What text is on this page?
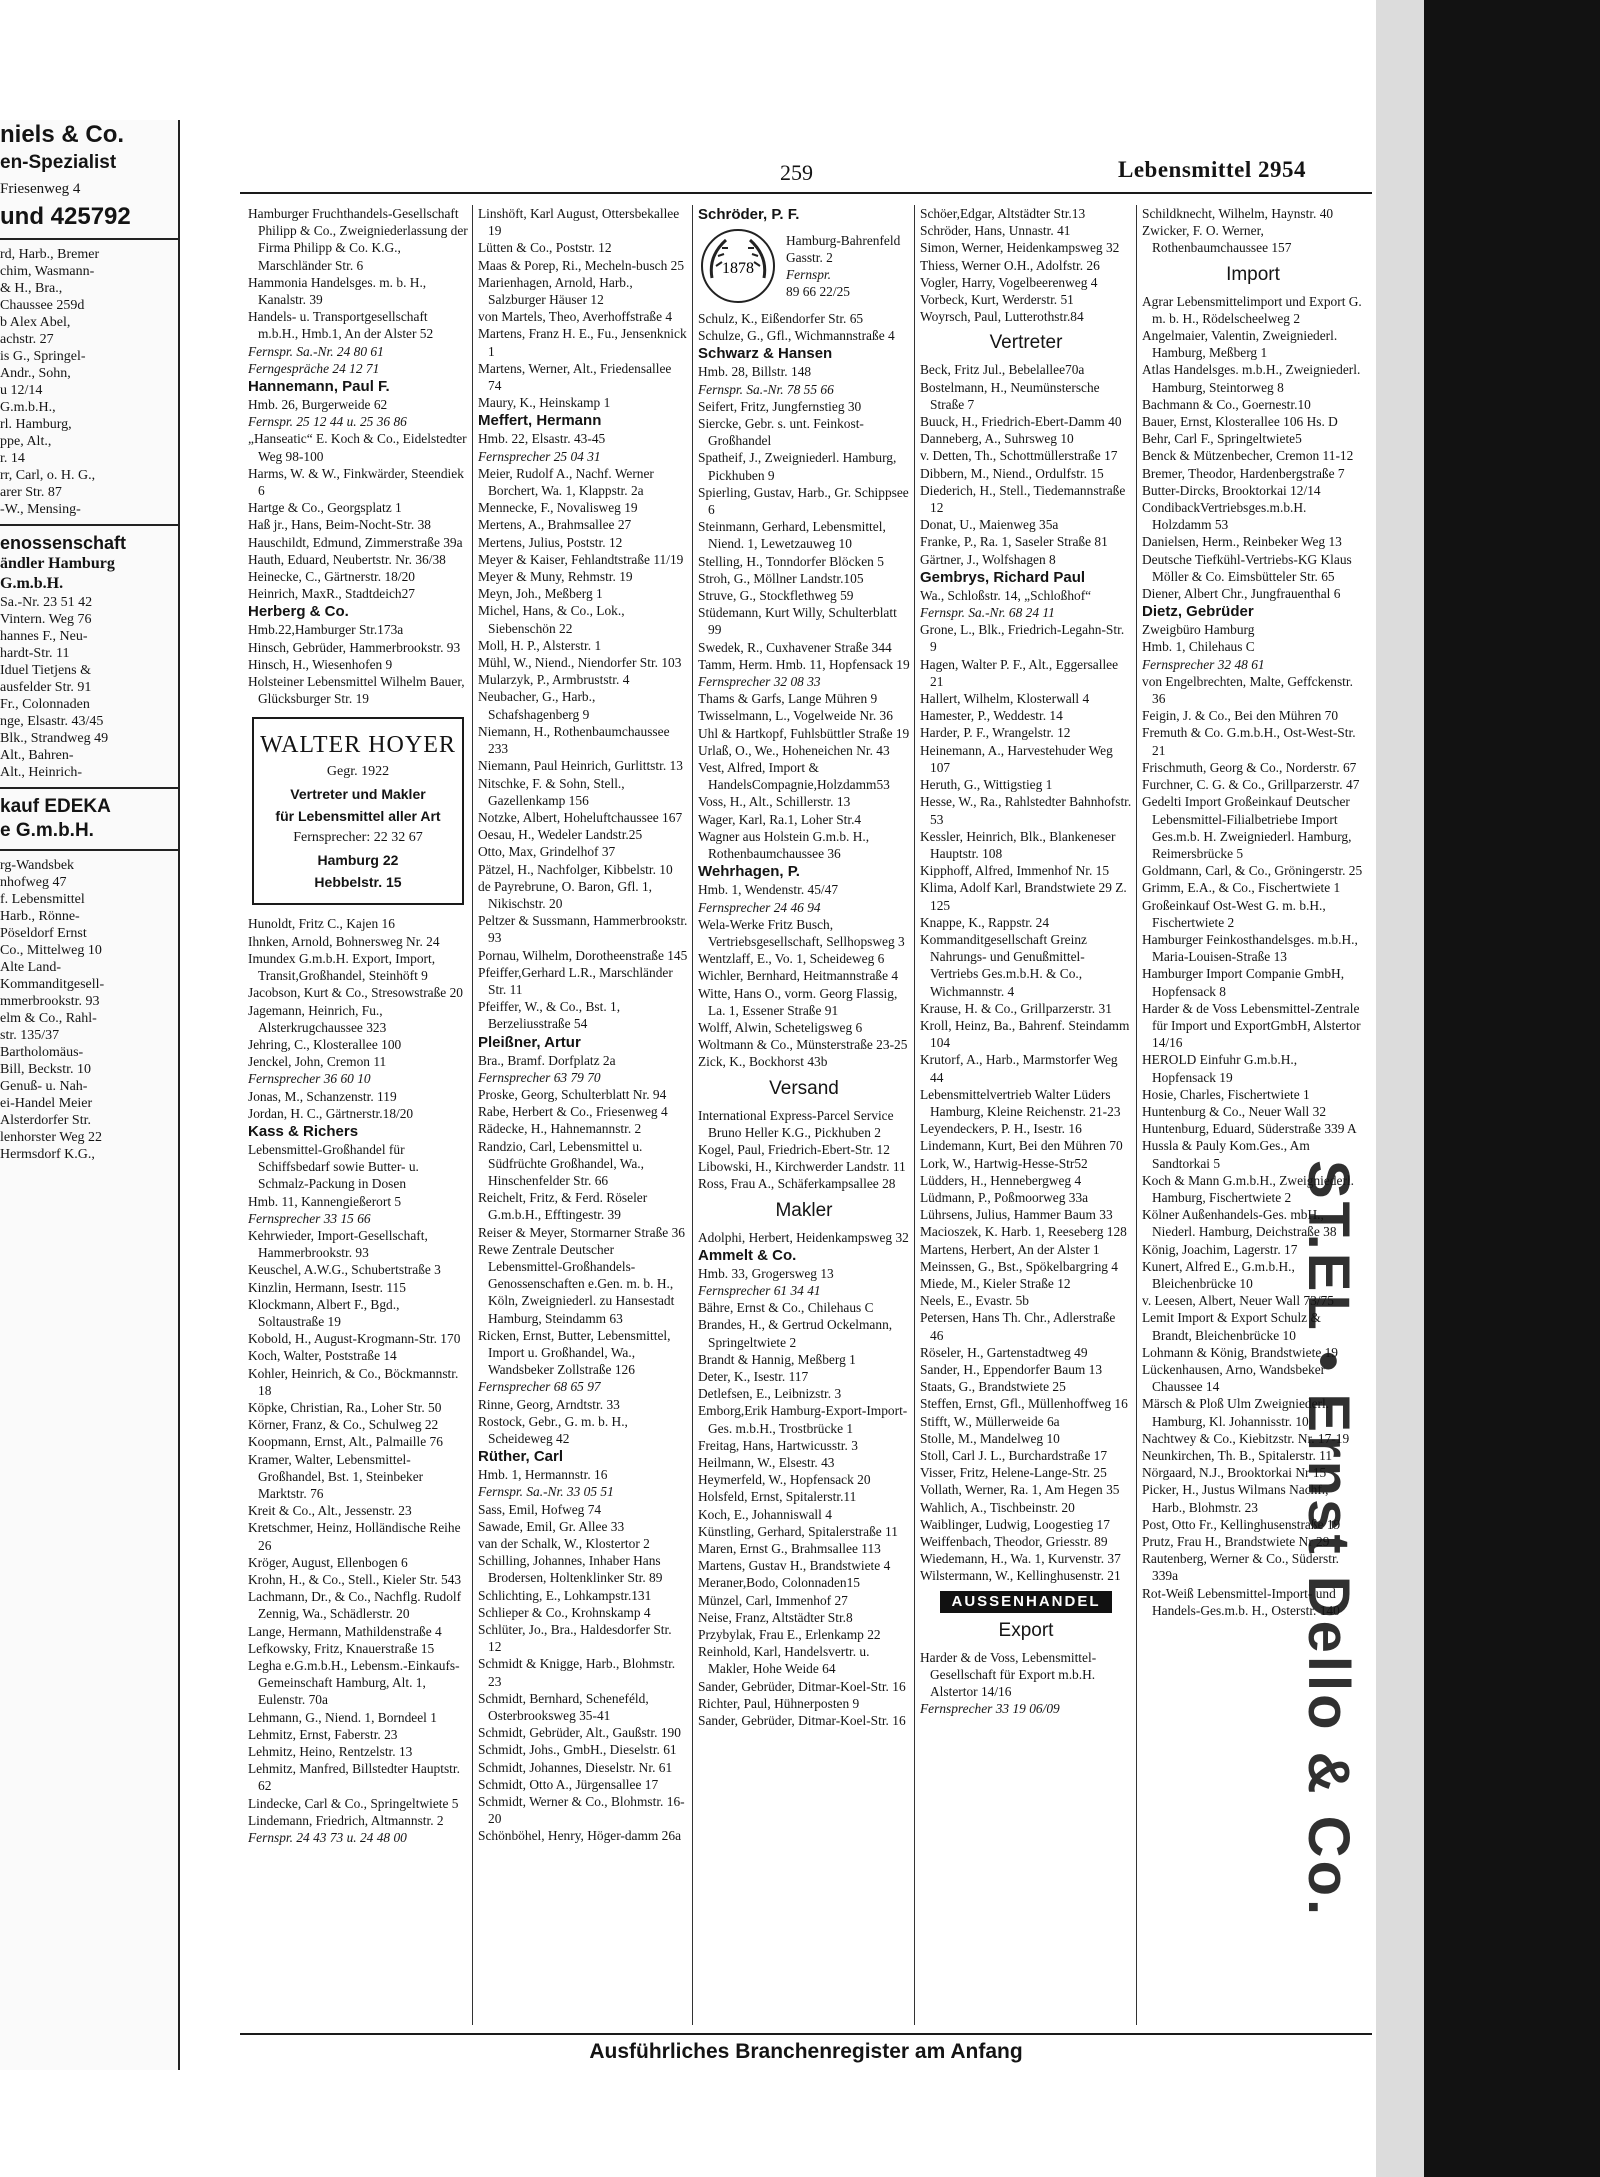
niels & Co.
en-Spezialist
Friesenweg 4
und 425792
rd, Harb., Bremer
chim, Wasmann-
& H., Bra.,
Chaussee 259d
b Alex Abel,
achstr. 27
is G., Springel-
Andr., Sohn,
u 12/14
G.m.b.H.,
rl. Hamburg,
ppe, Alt.,
r. 14
rr, Carl, o. H. G.,
arer Str. 87
-W., Mensing-
enossenschaft
ändler Hamburg
G.m.b.H.
Sa.-Nr. 23 51 42
Vintern. Weg 76
hannes F., Neu-
hardt-Str. 11
Iduel Tietjens &
ausfelder Str. 91
Fr., Colonnaden
nge, Elsastr. 43/45
Blk., Strandweg 49
Alt., Bahren-
Alt., Heinrich-
kauf EDEKA
e G.m.b.H.
rg-Wandsbek
nhofweg 47
f. Lebensmittel
Harb., Rönne-
Pöseldorf Ernst
Co., Mittelweg 10
Alte Land-
Kommanditgesell-
mmerbrookstr. 93
elm & Co., Rahl-
str. 135/37
Bartholomäus-
Bill, Beckstr. 10
Genuß- u. Nah-
ei-Handel Meier
Alsterdorfer Str.
lenhorster Weg 22
Hermsdorf K.G.,
ST.EL • Ernst Dello & Co.
259	Lebensmittel 2954
Hamburger Fruchthandels-Gesellschaft Philipp & Co., Zweigniederlassung der Firma Philipp & Co. K.G., Marschländer Str. 6
Hammonia Handelsges. m. b. H., Kanalstr. 39
Handels- u. Transportgesellschaft m.b.H., Hmb.1, An der Alster 52
Fernspr. Sa.-Nr. 24 80 61
Ferngespräche 24 12 71
Hannemann, Paul F.
Hmb. 26, Burgerweide 62
Fernspr. 25 12 44 u. 25 36 86
„Hanseatic“ E. Koch & Co., Eidelstedter Weg 98-100
Harms, W. & W., Finkwärder, Steendiek 6
Hartge & Co., Georgsplatz 1
Haß jr., Hans, Beim-Nocht-Str. 38
Hauschildt, Edmund, Zimmerstraße 39a
Hauth, Eduard, Neubertstr. Nr. 36/38
Heinecke, C., Gärtnerstr. 18/20
Heinrich, MaxR., Stadtdeich27
Herberg & Co.
Hmb.22,Hamburger Str.173a
Hinsch, Gebrüder, Hammerbrookstr. 93
Hinsch, H., Wiesenhofen 9
Holsteiner Lebensmittel Wilhelm Bauer, Glücksburger Str. 19
WALTER HOYER
Gegr. 1922
Vertreter und Makler
für Lebensmittel aller Art
Fernsprecher: 22 32 67
Hamburg 22
Hebbelstr. 15
Hunoldt, Fritz C., Kajen 16
Ihnken, Arnold, Bohnersweg Nr. 24
Imundex G.m.b.H. Export, Import, Transit,Großhandel, Steinhöft 9
Jacobson, Kurt & Co., Stresowstraße 20
Jagemann, Heinrich, Fu., Alsterkrugchaussee 323
Jehring, C., Klosterallee 100
Jenckel, John, Cremon 11
Fernsprecher 36 60 10
Jonas, M., Schanzenstr. 119
Jordan, H. C., Gärtnerstr.18/20
Kass & Richers
Lebensmittel-Großhandel für Schiffsbedarf sowie Butter- u. Schmalz-Packung in Dosen
Hmb. 11, Kannengießerort 5
Fernsprecher 33 15 66
Kehrwieder, Import-Gesellschaft, Hammerbrookstr. 93
Keuschel, A.W.G., Schubertstraße 3
Kinzlin, Hermann, Isestr. 115
Klockmann, Albert F., Bgd., Soltaustraße 19
Kobold, H., August-Krogmann-Str. 170
Koch, Walter, Poststraße 14
Kohler, Heinrich, & Co., Böckmannstr. 18
Köpke, Christian, Ra., Loher Str. 50
Körner, Franz, & Co., Schulweg 22
Koopmann, Ernst, Alt., Palmaille 76
Kramer, Walter, Lebensmittel-Großhandel, Bst. 1, Steinbeker Marktstr. 76
Kreit & Co., Alt., Jessenstr. 23
Kretschmer, Heinz, Holländische Reihe 26
Kröger, August, Ellenbogen 6
Krohn, H., & Co., Stell., Kieler Str. 543
Lachmann, Dr., & Co., Nachflg. Rudolf Zennig, Wa., Schädlerstr. 20
Lange, Hermann, Mathildenstraße 4
Lefkowsky, Fritz, Knauerstraße 15
Legha e.G.m.b.H., Lebensm.-Einkaufs-Gemeinschaft Hamburg, Alt. 1, Eulenstr. 70a
Lehmann, G., Niend. 1, Borndeel 1
Lehmitz, Ernst, Faberstr. 23
Lehmitz, Heino, Rentzelstr. 13
Lehmitz, Manfred, Billstedter Hauptstr. 62
Lindecke, Carl & Co., Springeltwiete 5
Lindemann, Friedrich, Altmannstr. 2
Fernspr. 24 43 73 u. 24 48 00
Linshöft, Karl August, Ottersbekallee 19
Lütten & Co., Poststr. 12
Maas & Porep, Ri., Mecheln-busch 25
Marienhagen, Arnold, Harb., Salzburger Häuser 12
von Martels, Theo, Averhoffstraße 4
Martens, Franz H. E., Fu., Jensenknick 1
Martens, Werner, Alt., Friedensallee 74
Maury, K., Heinskamp 1
Meffert, Hermann
Hmb. 22, Elsastr. 43-45
Fernsprecher 25 04 31
Meier, Rudolf A., Nachf. Werner Borchert, Wa. 1, Klappstr. 2a
Mennecke, F., Novalisweg 19
Mertens, A., Brahmsallee 27
Mertens, Julius, Poststr. 12
Meyer & Kaiser, Fehlandtstraße 11/19
Meyer & Muny, Rehmstr. 19
Meyn, Joh., Meßberg 1
Michel, Hans, & Co., Lok., Siebenschön 22
Moll, H. P., Alsterstr. 1
Mühl, W., Niend., Niendorfer Str. 103
Mularzyk, P., Armbruststr. 4
Neubacher, G., Harb., Schafshagenberg 9
Niemann, H., Rothenbaumchaussee 233
Niemann, Paul Heinrich, Gurlittstr. 13
Nitschke, F. & Sohn, Stell., Gazellenkamp 156
Notzke, Albert, Hoheluftchaussee 167
Oesau, H., Wedeler Landstr.25
Otto, Max, Grindelhof 37
Pätzel, H., Nachfolger, Kibbelstr. 10
de Payrebrune, O. Baron, Gfl. 1, Nikischstr. 20
Peltzer & Sussmann, Hammerbrookstr. 93
Pornau, Wilhelm, Dorotheenstraße 145
Pfeiffer,Gerhard L.R., Marschländer Str. 11
Pfeiffer, W., & Co., Bst. 1, Berzeliusstraße 54
Pleißner, Artur
Bra., Bramf. Dorfplatz 2a
Fernsprecher 63 79 70
Proske, Georg, Schulterblatt Nr. 94
Rabe, Herbert & Co., Friesenweg 4
Rädecke, H., Hahnemannstr. 2
Randzio, Carl, Lebensmittel u. Südfrüchte Großhandel, Wa., Hinschenfelder Str. 66
Reichelt, Fritz, & Ferd. Röseler G.m.b.H., Efftingestr. 39
Reiser & Meyer, Stormarner Straße 36
Rewe Zentrale Deutscher Lebensmittel-Großhandels-Genossenschaften e.Gen. m. b. H., Köln, Zweigniederl. zu Hansestadt Hamburg, Steindamm 63
Ricken, Ernst, Butter, Lebensmittel, Import u. Großhandel, Wa., Wandsbeker Zollstraße 126
Fernsprecher 68 65 97
Rinne, Georg, Arndtstr. 33
Rostock, Gebr., G. m. b. H., Scheideweg 42
Rüther, Carl
Hmb. 1, Hermannstr. 16
Fernspr. Sa.-Nr. 33 05 51
Sass, Emil, Hofweg 74
Sawade, Emil, Gr. Allee 33
van der Schalk, W., Klostertor 2
Schilling, Johannes, Inhaber Hans Brodersen, Holtenklinker Str. 89
Schlichting, E., Lohkampstr.131
Schlieper & Co., Krohnskamp 4
Schlüter, Jo., Bra., Haldesdorfer Str. 12
Schmidt & Knigge, Harb., Blohmstr. 23
Schmidt, Bernhard, Scheneféld, Osterbrooksweg 35-41
Schmidt, Gebrüder, Alt., Gaußstr. 190
Schmidt, Johs., GmbH., Dieselstr. 61
Schmidt, Johannes, Dieselstr. Nr. 61
Schmidt, Otto A., Jürgensallee 17
Schmidt, Werner & Co., Blohmstr. 16-20
Schönböhel, Henry, Höger-damm 26a
Schröder, P. F.
1878
Hamburg-Bahrenfeld
Gasstr. 2
Fernspr.
89 66 22/25
Schulz, K., Eißendorfer Str. 65
Schulze, G., Gfl., Wichmannstraße 4
Schwarz & Hansen
Hmb. 28, Billstr. 148
Fernspr. Sa.-Nr. 78 55 66
Seifert, Fritz, Jungfernstieg 30
Siercke, Gebr. s. unt. Feinkost-Großhandel
Spatheif, J., Zweigniederl. Hamburg, Pickhuben 9
Spierling, Gustav, Harb., Gr. Schippsee 6
Steinmann, Gerhard, Lebensmittel, Niend. 1, Lewetzauweg 10
Stelling, H., Tonndorfer Blöcken 5
Stroh, G., Möllner Landstr.105
Struve, G., Stockflethweg 59
Stüdemann, Kurt Willy, Schulterblatt 99
Swedek, R., Cuxhavener Straße 344
Tamm, Herm. Hmb. 11, Hopfensack 19
Fernsprecher 32 08 33
Thams & Garfs, Lange Mühren 9
Twisselmann, L., Vogelweide Nr. 36
Uhl & Hartkopf, Fuhlsbüttler Straße 19
Urlaß, O., We., Hoheneichen Nr. 43
Vest, Alfred, Import & HandelsCompagnie,Holzdamm53
Voss, H., Alt., Schillerstr. 13
Wager, Karl, Ra.1, Loher Str.4
Wagner aus Holstein G.m.b. H., Rothenbaumchaussee 36
Wehrhagen, P.
Hmb. 1, Wendenstr. 45/47
Fernsprecher 24 46 94
Wela-Werke Fritz Busch, Vertriebsgesellschaft, Sellhopsweg 3
Wentzlaff, E., Vo. 1, Scheideweg 6
Wichler, Bernhard, Heitmannstraße 4
Witte, Hans O., vorm. Georg Flassig, La. 1, Essener Straße 91
Wolff, Alwin, Scheteligsweg 6
Woltmann & Co., Münsterstraße 23-25
Zick, K., Bockhorst 43b
Versand
International Express-Parcel Service Bruno Heller K.G., Pickhuben 2
Kogel, Paul, Friedrich-Ebert-Str. 12
Libowski, H., Kirchwerder Landstr. 11
Ross, Frau A., Schäferkampsallee 28
Makler
Adolphi, Herbert, Heidenkampsweg 32
Ammelt & Co.
Hmb. 33, Grogersweg 13
Fernsprecher 61 34 41
Bähre, Ernst & Co., Chilehaus C
Brandes, H., & Gertrud Ockelmann, Springeltwiete 2
Brandt & Hannig, Meßberg 1
Deter, K., Isestr. 117
Detlefsen, E., Leibnizstr. 3
Emborg,Erik Hamburg-Export-Import-Ges. m.b.H., Trostbrücke 1
Freitag, Hans, Hartwicusstr. 3
Heilmann, W., Elsestr. 43
Heymerfeld, W., Hopfensack 20
Holsfeld, Ernst, Spitalerstr.11
Koch, E., Johanniswall 4
Künstling, Gerhard, Spitalerstraße 11
Maren, Ernst G., Brahmsallee 113
Martens, Gustav H., Brandstwiete 4
Meraner,Bodo, Colonnaden15
Münzel, Carl, Immenhof 27
Neise, Franz, Altstädter Str.8
Przybylak, Frau E., Erlenkamp 22
Reinhold, Karl, Handelsvertr. u. Makler, Hohe Weide 64
Sander, Gebrüder, Ditmar-Koel-Str. 16
Richter, Paul, Hühnerposten 9
Sander, Gebrüder, Ditmar-Koel-Str. 16
Schöer,Edgar, Altstädter Str.13
Schröder, Hans, Unnastr. 41
Simon, Werner, Heidenkampsweg 32
Thiess, Werner O.H., Adolfstr. 26
Vogler, Harry, Vogelbeerenweg 4
Vorbeck, Kurt, Werderstr. 51
Woyrsch, Paul, Lutterothstr.84
Vertreter
Beck, Fritz Jul., Bebelallee70a
Bostelmann, H., Neumünstersche Straße 7
Buuck, H., Friedrich-Ebert-Damm 40
Danneberg, A., Suhrsweg 10
v. Detten, Th., Schottmüllerstraße 17
Dibbern, M., Niend., Ordulfstr. 15
Diederich, H., Stell., Tiedemannstraße 12
Donat, U., Maienweg 35a
Franke, P., Ra. 1, Saseler Straße 81
Gärtner, J., Wolfshagen 8
Gembrys, Richard Paul
Wa., Schloßstr. 14, „Schloßhof“
Fernspr. Sa.-Nr. 68 24 11
Grone, L., Blk., Friedrich-Legahn-Str. 9
Hagen, Walter P. F., Alt., Eggersallee 21
Hallert, Wilhelm, Klosterwall 4
Hamester, P., Weddestr. 14
Harder, P. F., Wrangelstr. 12
Heinemann, A., Harvestehuder Weg 107
Heruth, G., Wittigstieg 1
Hesse, W., Ra., Rahlstedter Bahnhofstr. 53
Kessler, Heinrich, Blk., Blankeneser Hauptstr. 108
Kipphoff, Alfred, Immenhof Nr. 15
Klima, Adolf Karl, Brandstwiete 29 Z. 125
Knappe, K., Rappstr. 24
Kommanditgesellschaft Greinz Nahrungs- und Genußmittel-Vertriebs Ges.m.b.H. & Co., Wichmannstr. 4
Krause, H. & Co., Grillparzerstr. 31
Kroll, Heinz, Ba., Bahrenf. Steindamm 104
Krutorf, A., Harb., Marmstorfer Weg 44
Lebensmittelvertrieb Walter Lüders Hamburg, Kleine Reichenstr. 21-23
Leyendeckers, P. H., Isestr. 16
Lindemann, Kurt, Bei den Mühren 70
Lork, W., Hartwig-Hesse-Str52
Lüdders, H., Hennebergweg 4
Lüdmann, P., Poßmoorweg 33a
Lührsens, Julius, Hammer Baum 33
Macioszek, K. Harb. 1, Reeseberg 128
Martens, Herbert, An der Alster 1
Meinssen, G., Bst., Spökelbargring 4
Miede, M., Kieler Straße 12
Neels, E., Evastr. 5b
Petersen, Hans Th. Chr., Adlerstraße 46
Röseler, H., Gartenstadtweg 49
Sander, H., Eppendorfer Baum 13
Staats, G., Brandstwiete 25
Steffen, Ernst, Gfl., Müllenhoffweg 16
Stifft, W., Müllerweide 6a
Stolle, M., Mandelweg 10
Stoll, Carl J. L., Burchardstraße 17
Visser, Fritz, Helene-Lange-Str. 25
Vollath, Werner, Ra. 1, Am Hegen 35
Wahlich, A., Tischbeinstr. 20
Waiblinger, Ludwig, Loogestieg 17
Weiffenbach, Theodor, Griesstr. 89
Wiedemann, H., Wa. 1, Kurvenstr. 37
Wilstermann, W., Kellinghusenstr. 21
AUSSENHANDEL
Export
Harder & de Voss, Lebensmittel-Gesellschaft für Export m.b.H. Alstertor 14/16
Fernsprecher 33 19 06/09
Schildknecht, Wilhelm, Haynstr. 40
Zwicker, F. O. Werner, Rothenbaumchaussee 157
Import
Agrar Lebensmittelimport und Export G. m. b. H., Rödelscheelweg 2
Angelmaier, Valentin, Zweigniederl. Hamburg, Meßberg 1
Atlas Handelsges. m.b.H., Zweigniederl. Hamburg, Steintorweg 8
Bachmann & Co., Goernestr.10
Bauer, Ernst, Klosterallee 106 Hs. D
Behr, Carl F., Springeltwiete5
Benck & Mützenbecher, Cremon 11-12
Bremer, Theodor, Hardenbergstraße 7
Butter-Dircks, Brooktorkai 12/14
CondibackVertriebsges.m.b.H. Holzdamm 53
Danielsen, Herm., Reinbeker Weg 13
Deutsche Tiefkühl-Vertriebs-KG Klaus Möller & Co. Eimsbütteler Str. 65
Diener, Albert Chr., Jungfrauenthal 6
Dietz, Gebrüder
Zweigbüro Hamburg
Hmb. 1, Chilehaus C
Fernsprecher 32 48 61
von Engelbrechten, Malte, Geffckenstr. 36
Feigin, J. & Co., Bei den Mühren 70
Fremuth & Co. G.m.b.H., Ost-West-Str. 21
Frischmuth, Georg & Co., Norderstr. 67
Furchner, C. G. & Co., Grillparzerstr. 47
Gedelti Import Großeinkauf Deutscher Lebensmittel-Filialbetriebe Import Ges.m.b. H. Zweigniederl. Hamburg, Reimersbrücke 5
Goldmann, Carl, & Co., Gröningerstr. 25
Grimm, E.A., & Co., Fischertwiete 1
Großeinkauf Ost-West G. m. b.H., Fischertwiete 2
Hamburger Feinkosthandelsges. m.b.H., Maria-Louisen-Straße 13
Hamburger Import Companie GmbH, Hopfensack 8
Harder & de Voss Lebensmittel-Zentrale für Import und ExportGmbH, Alstertor 14/16
HEROLD Einfuhr G.m.b.H., Hopfensack 19
Hosie, Charles, Fischertwiete 1
Huntenburg & Co., Neuer Wall 32
Huntenburg, Eduard, Süderstraße 339 A
Hussla & Pauly Kom.Ges., Am Sandtorkai 5
Koch & Mann G.m.b.H., Zweigniederl. Hamburg, Fischertwiete 2
Kölner Außenhandels-Ges. mbH., Niederl. Hamburg, Deichstraße 38
König, Joachim, Lagerstr. 17
Kunert, Alfred E., G.m.b.H., Bleichenbrücke 10
v. Leesen, Albert, Neuer Wall 73/75
Lemit Import & Export Schulz & Brandt, Bleichenbrücke 10
Lohmann & König, Brandstwiete 19
Lückenhausen, Arno, Wandsbeker Chaussee 14
Märsch & Ploß Ulm Zweigniederl. Hamburg, Kl. Johannisstr. 10
Nachtwey & Co., Kiebitzstr. Nr. 17-19
Neunkirchen, Th. B., Spitalerstr. 11
Nörgaard, N.J., Brooktorkai Nr 15
Picker, H., Justus Wilmans Nachf., Harb., Blohmstr. 23
Post, Otto Fr., Kellinghusenstraße 19
Prutz, Frau H., Brandstwiete Nr 29
Rautenberg, Werner & Co., Süderstr. 339a
Rot-Weiß Lebensmittel-Import- und Handels-Ges.m.b. H., Osterstr. 140
Ausführliches Branchenregister am Anfang
